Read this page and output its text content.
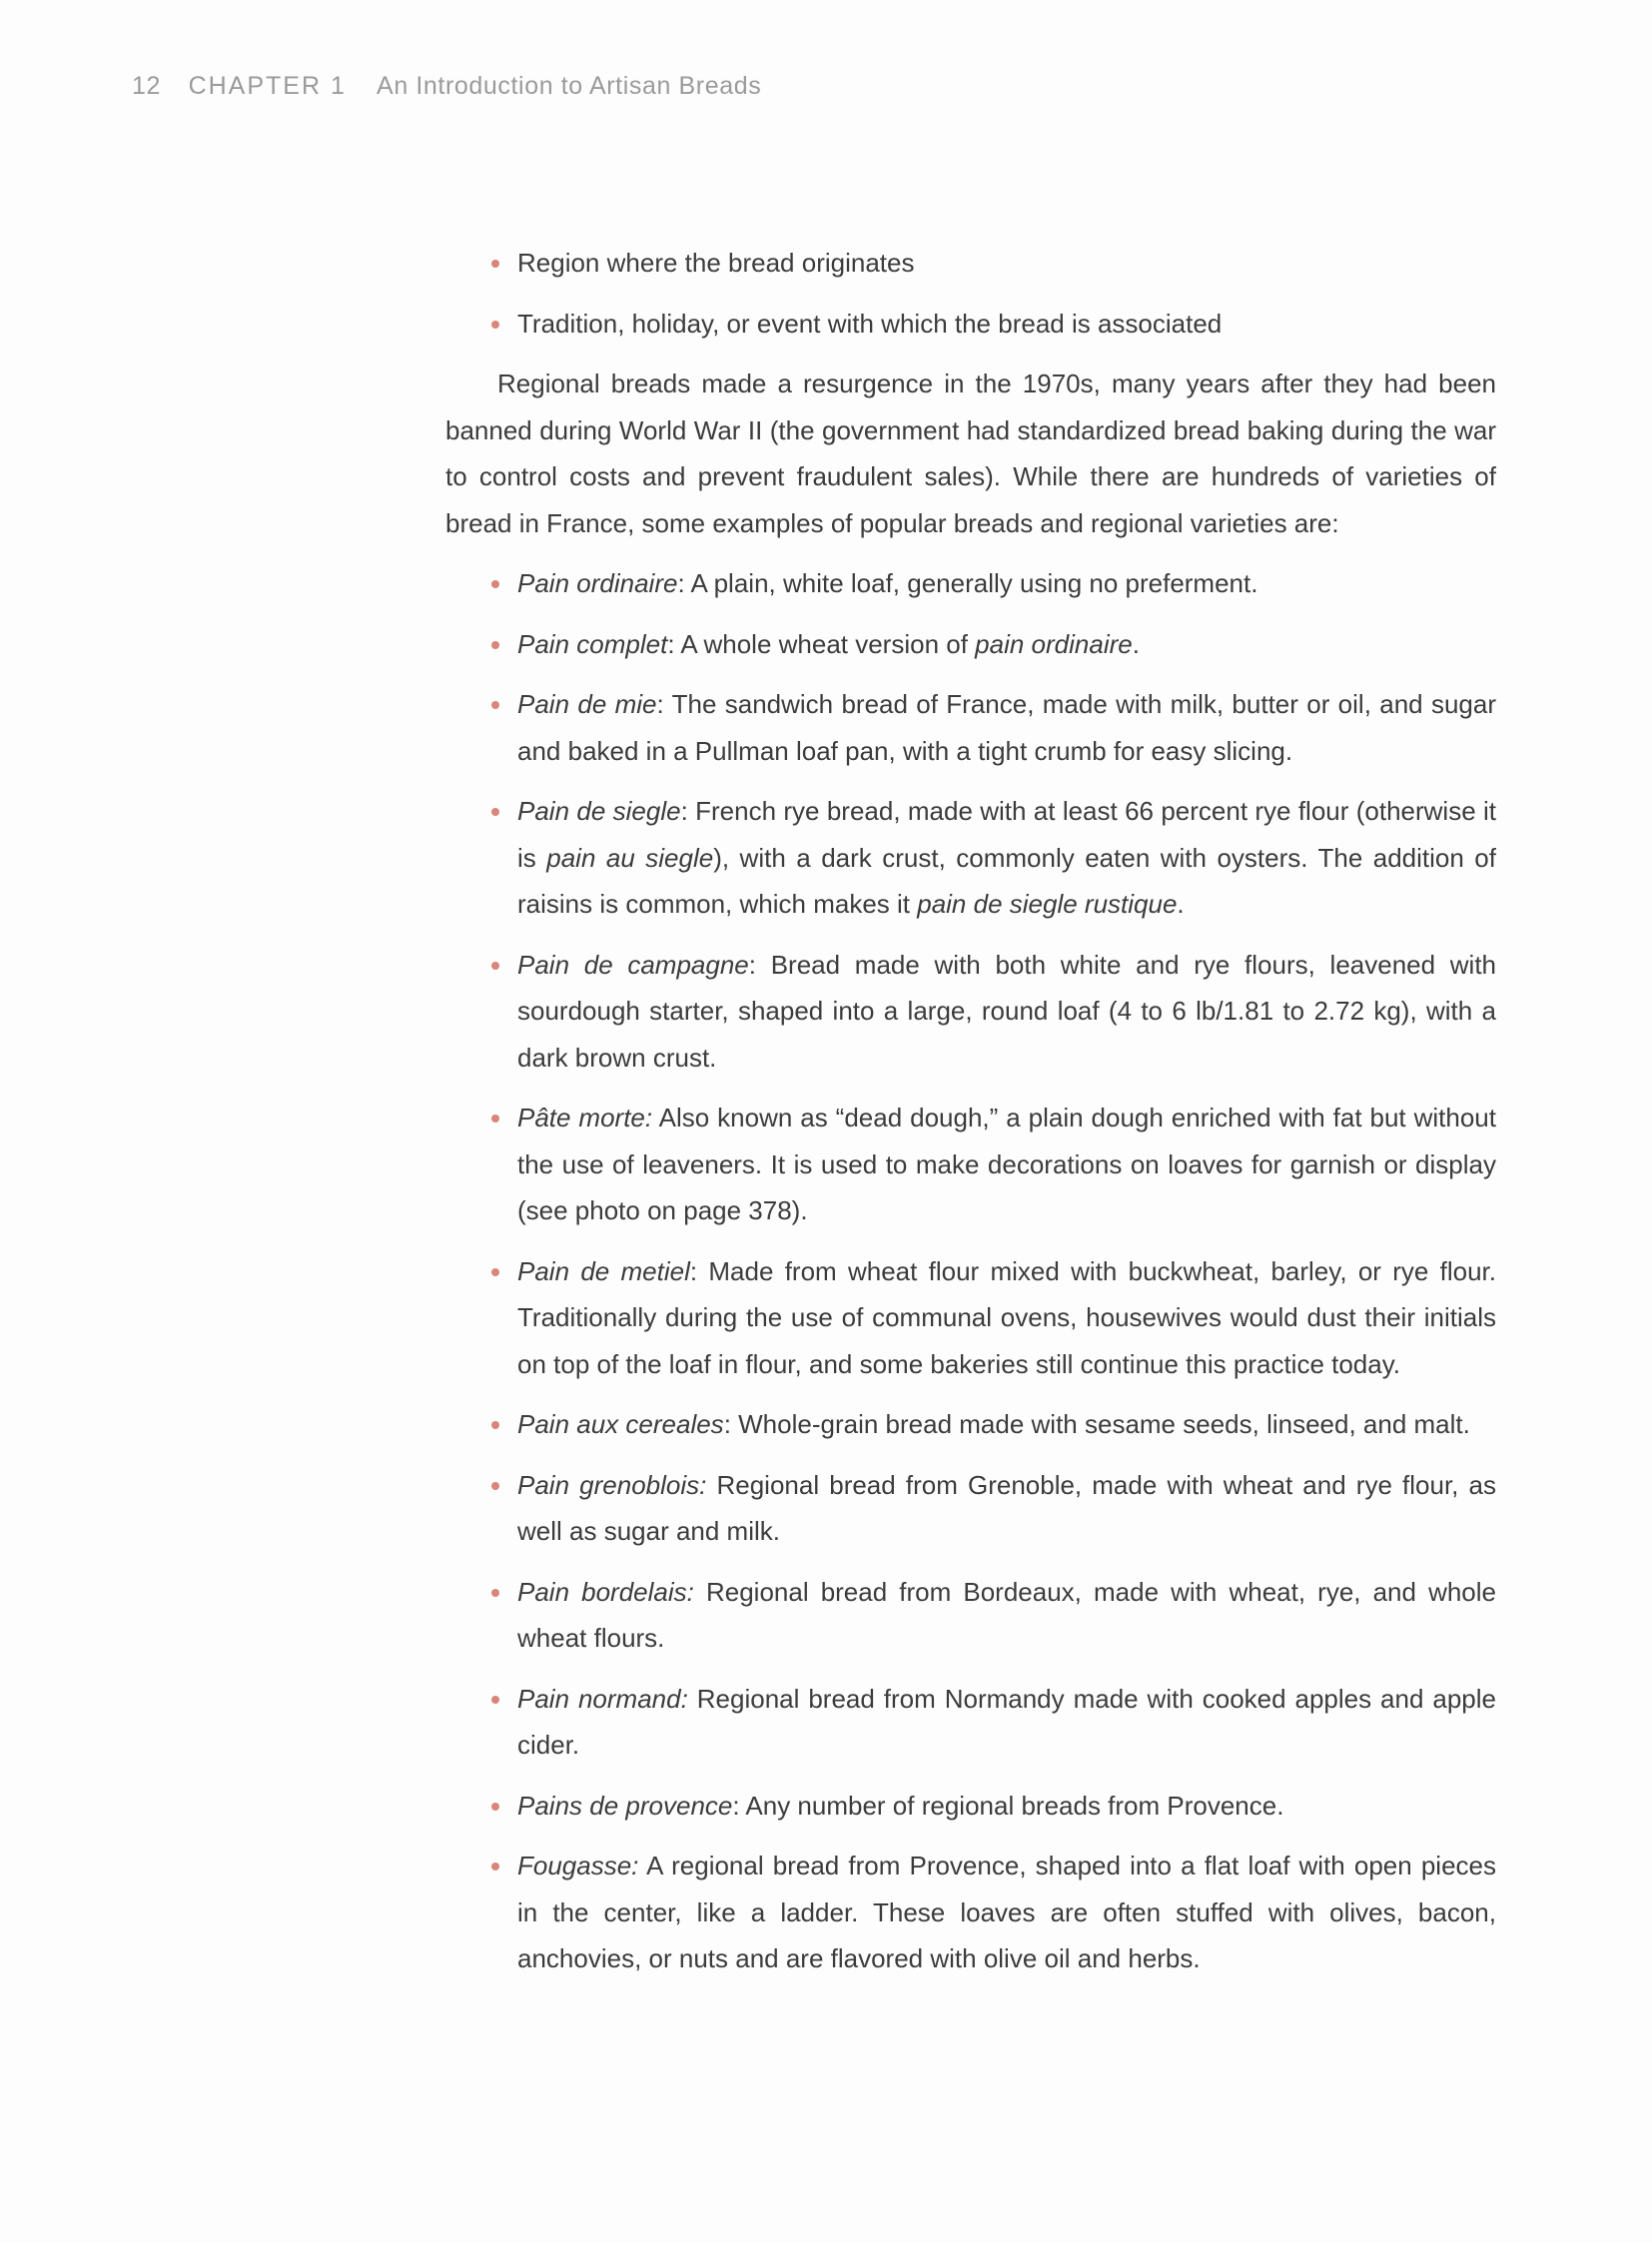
12 CHAPTER 1 An Introduction to Artisan Breads
Region where the bread originates
Tradition, holiday, or event with which the bread is associated

Regional breads made a resurgence in the 1970s, many years after they had been banned during World War II (the government had standardized bread baking during the war to control costs and prevent fraudulent sales). While there are hundreds of varieties of bread in France, some examples of popular breads and regional varieties are:

Pain ordinaire: A plain, white loaf, generally using no preferment.
Pain complet: A whole wheat version of pain ordinaire.
Pain de mie: The sandwich bread of France, made with milk, butter or oil, and sugar and baked in a Pullman loaf pan, with a tight crumb for easy slicing.
Pain de siegle: French rye bread, made with at least 66 percent rye flour (otherwise it is pain au siegle), with a dark crust, commonly eaten with oysters. The addition of raisins is common, which makes it pain de siegle rustique.
Pain de campagne: Bread made with both white and rye flours, leavened with sourdough starter, shaped into a large, round loaf (4 to 6 lb/1.81 to 2.72 kg), with a dark brown crust.
Pâte morte: Also known as “dead dough,” a plain dough enriched with fat but without the use of leaveners. It is used to make decorations on loaves for garnish or display (see photo on page 378).
Pain de metiel: Made from wheat flour mixed with buckwheat, barley, or rye flour. Traditionally during the use of communal ovens, housewives would dust their initials on top of the loaf in flour, and some bakeries still continue this practice today.
Pain aux cereales: Whole-grain bread made with sesame seeds, linseed, and malt.
Pain grenoblois: Regional bread from Grenoble, made with wheat and rye flour, as well as sugar and milk.
Pain bordelais: Regional bread from Bordeaux, made with wheat, rye, and whole wheat flours.
Pain normand: Regional bread from Normandy made with cooked apples and apple cider.
Pains de provence: Any number of regional breads from Provence.
Fougasse: A regional bread from Provence, shaped into a flat loaf with open pieces in the center, like a ladder. These loaves are often stuffed with olives, bacon, anchovies, or nuts and are flavored with olive oil and herbs.
